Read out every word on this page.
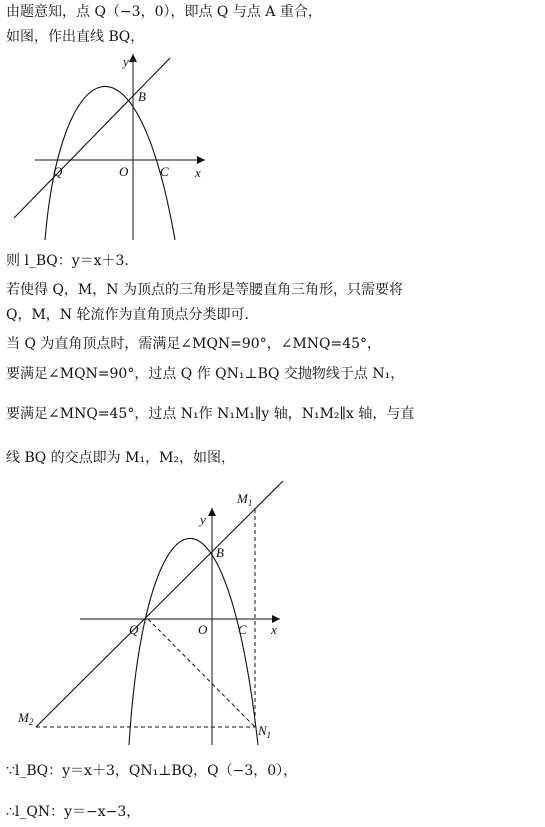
由题意知，点 Q（−3，0），即点 Q 与点 A 重合，
如图，作出直线 BQ，
y
x
B
Q	O C
则 l_BQ：y＝x＋3．
若使得 Q，M，N 为顶点的三角形是等腰直角三角形，只需要将
Q，M，N 轮流作为直角顶点分类即可．
当 Q 为直角顶点时，需满足∠MQN=90°，∠MNQ=45°，
要满足∠MQN=90°，过点 Q 作 QN₁⊥BQ 交抛物线于点 N₁，
要满足∠MNQ=45°，过点 N₁作 N₁M₁∥y 轴，N₁M₂∥x 轴，与直
线 BQ 的交点即为 M₁，M₂，如图，
y
x
B
Q	O C
$M_1$
$M_2$
$N_1$
∵l_BQ：y＝x＋3，QN₁⊥BQ，Q（−3，0），
∴l_QN：y＝−x−3，
